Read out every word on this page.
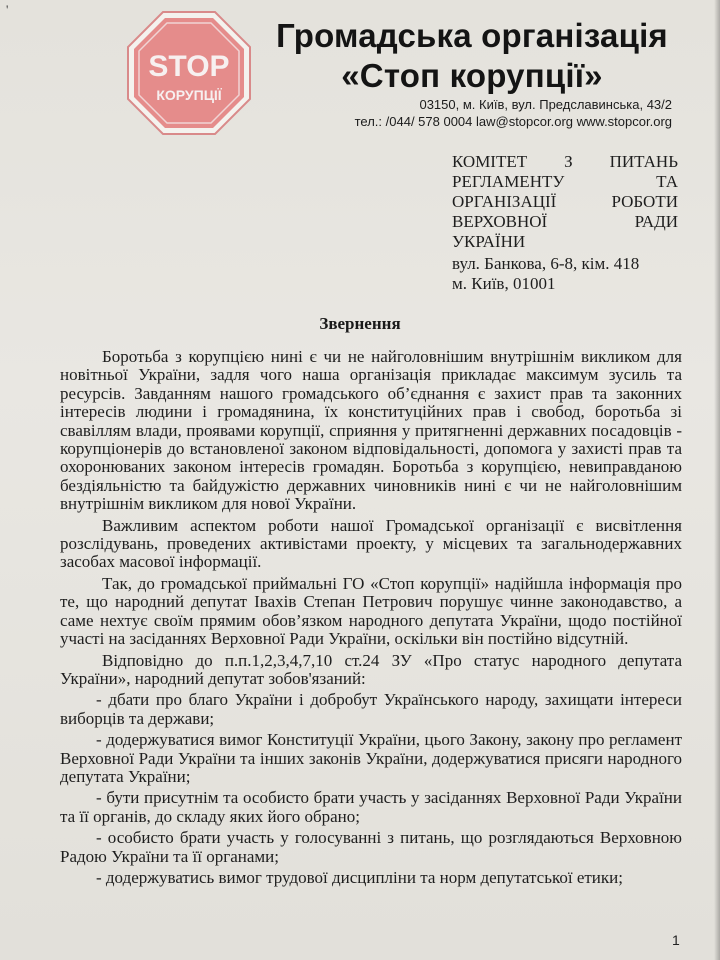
'
STOP
КОРУПЦІЇ
Громадська організація
«Стоп корупції»
03150, м. Київ, вул. Предславинська, 43/2
тел.: /044/ 578 0004 law@stopcor.org www.stopcor.org
КОМІТЕТ З ПИТАНЬ
РЕГЛАМЕНТУ	ТА
ОРГАНІЗАЦІЇ	РОБОТИ
ВЕРХОВНОЇ	РАДИ
УКРАЇНИ
вул. Банкова, 6-8, кім. 418
м. Київ, 01001
Звернення

Боротьба з корупцією нині є чи не найголовнішим внутрішнім викликом для новітньої України, задля чого наша організація прикладає максимум зусиль та ресурсів. Завданням нашого громадського об’єднання є захист прав та законних інтересів людини і громадянина, їх конституційних прав і свобод, боротьба зі свавіллям влади, проявами корупції, сприяння у притягненні державних посадовців - корупціонерів до встановленої законом відповідальності, допомога у захисті прав та охоронюваних законом інтересів громадян. Боротьба з корупцією, невиправданою бездіяльністю та байдужістю державних чиновників нині є чи не найголовнішим внутрішнім викликом для нової України.

Важливим аспектом роботи нашої Громадської організації є висвітлення розслідувань, проведених активістами проекту, у місцевих та загальнодержавних засобах масової інформації.

Так, до громадської приймальні ГО «Стоп корупції» надійшла інформація про те, що народний депутат Івахів Степан Петрович порушує чинне законодавство, а саме нехтує своїм прямим обов’язком народного депутата України, щодо постійної участі на засіданнях Верховної Ради України, оскільки він постійно відсутній.

Відповідно до п.п.1,2,3,4,7,10 ст.24 ЗУ «Про статус народного депутата України», народний депутат зобов'язаний:

- дбати про благо України і добробут Українського народу, захищати інтереси виборців та держави;

- додержуватися вимог Конституції України, цього Закону, закону про регламент Верховної Ради України та інших законів України, додержуватися присяги народного депутата України;

- бути присутнім та особисто брати участь у засіданнях Верховної Ради України та її органів, до складу яких його обрано;

- особисто брати участь у голосуванні з питань, що розглядаються Верховною Радою України та її органами;

- додержуватись вимог трудової дисципліни та норм депутатської етики;

1
